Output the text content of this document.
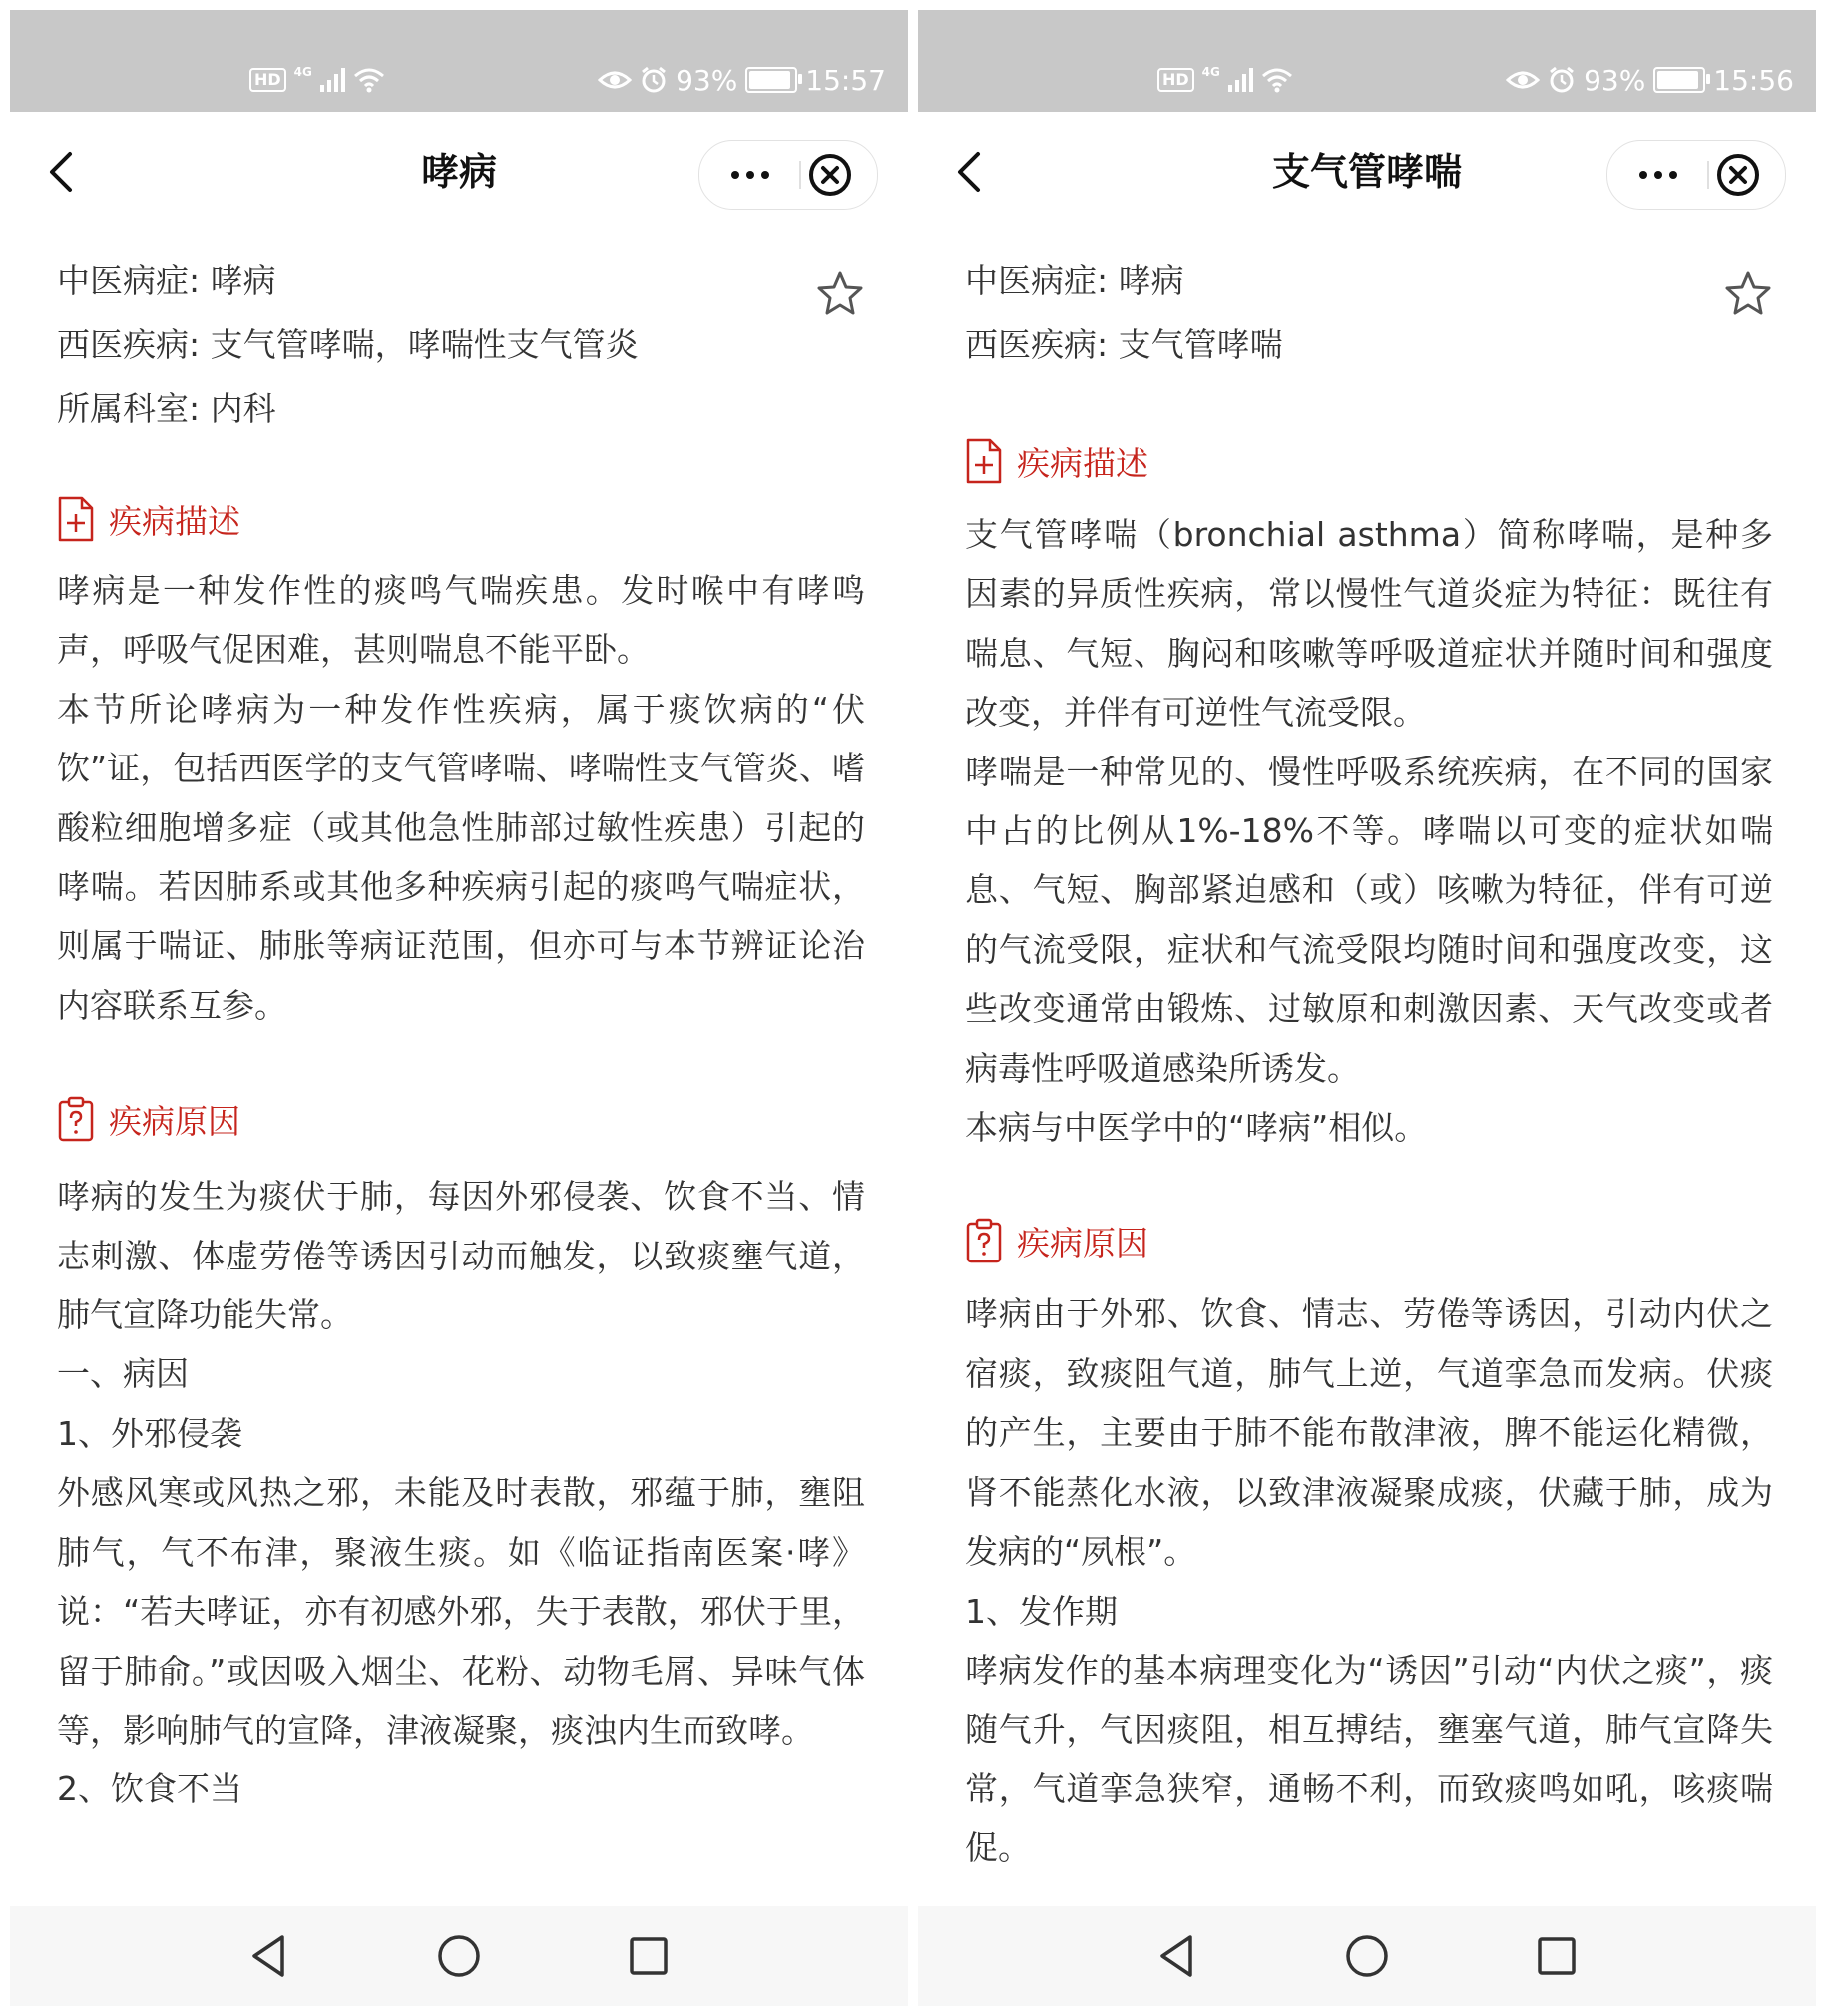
HD	4G	93% 15:57
哮病
中医病症: 哮病
西医疾病: 支气管哮喘，哮喘性支气管炎
所属科室: 内科
疾病描述

哮病是一种发作性的痰鸣气喘疾患。发时喉中有哮鸣声，呼吸气促困难，甚则喘息不能平卧。

本节所论哮病为一种发作性疾病，属于痰饮病的“伏饮”证，包括西医学的支气管哮喘、哮喘性支气管炎、嗜酸粒细胞增多症（或其他急性肺部过敏性疾患）引起的哮喘。若因肺系或其他多种疾病引起的痰鸣气喘症状，则属于喘证、肺胀等病证范围，但亦可与本节辨证论治内容联系互参。

疾病原因

哮病的发生为痰伏于肺，每因外邪侵袭、饮食不当、情志刺激、体虚劳倦等诱因引动而触发，以致痰壅气道，肺气宣降功能失常。

一、病因

1、外邪侵袭

外感风寒或风热之邪，未能及时表散，邪蕴于肺，壅阻肺气，气不布津，聚液生痰。如《临证指南医案·哮》说：“若夫哮证，亦有初感外邪，失于表散，邪伏于里，留于肺俞。”或因吸入烟尘、花粉、动物毛屑、异味气体等，影响肺气的宣降，津液凝聚，痰浊内生而致哮。

2、饮食不当

HD	4G	93% 15:56
支气管哮喘
中医病症: 哮病
西医疾病: 支气管哮喘
疾病描述

支气管哮喘（bronchial asthma）简称哮喘，是种多因素的异质性疾病，常以慢性气道炎症为特征：既往有喘息、气短、胸闷和咳嗽等呼吸道症状并随时间和强度改变，并伴有可逆性气流受限。

哮喘是一种常见的、慢性呼吸系统疾病，在不同的国家中占的比例从1%-18%不等。哮喘以可变的症状如喘息、气短、胸部紧迫感和（或）咳嗽为特征，伴有可逆的气流受限，症状和气流受限均随时间和强度改变，这些改变通常由锻炼、过敏原和刺激因素、天气改变或者病毒性呼吸道感染所诱发。

本病与中医学中的“哮病”相似。

疾病原因

哮病由于外邪、饮食、情志、劳倦等诱因，引动内伏之宿痰，致痰阻气道，肺气上逆，气道挛急而发病。伏痰的产生，主要由于肺不能布散津液，脾不能运化精微，肾不能蒸化水液，以致津液凝聚成痰，伏藏于肺，成为发病的“夙根”。

1、发作期

哮病发作的基本病理变化为“诱因”引动“内伏之痰”，痰随气升，气因痰阻，相互搏结，壅塞气道，肺气宣降失常，气道挛急狭窄，通畅不利，而致痰鸣如吼，咳痰喘促。
